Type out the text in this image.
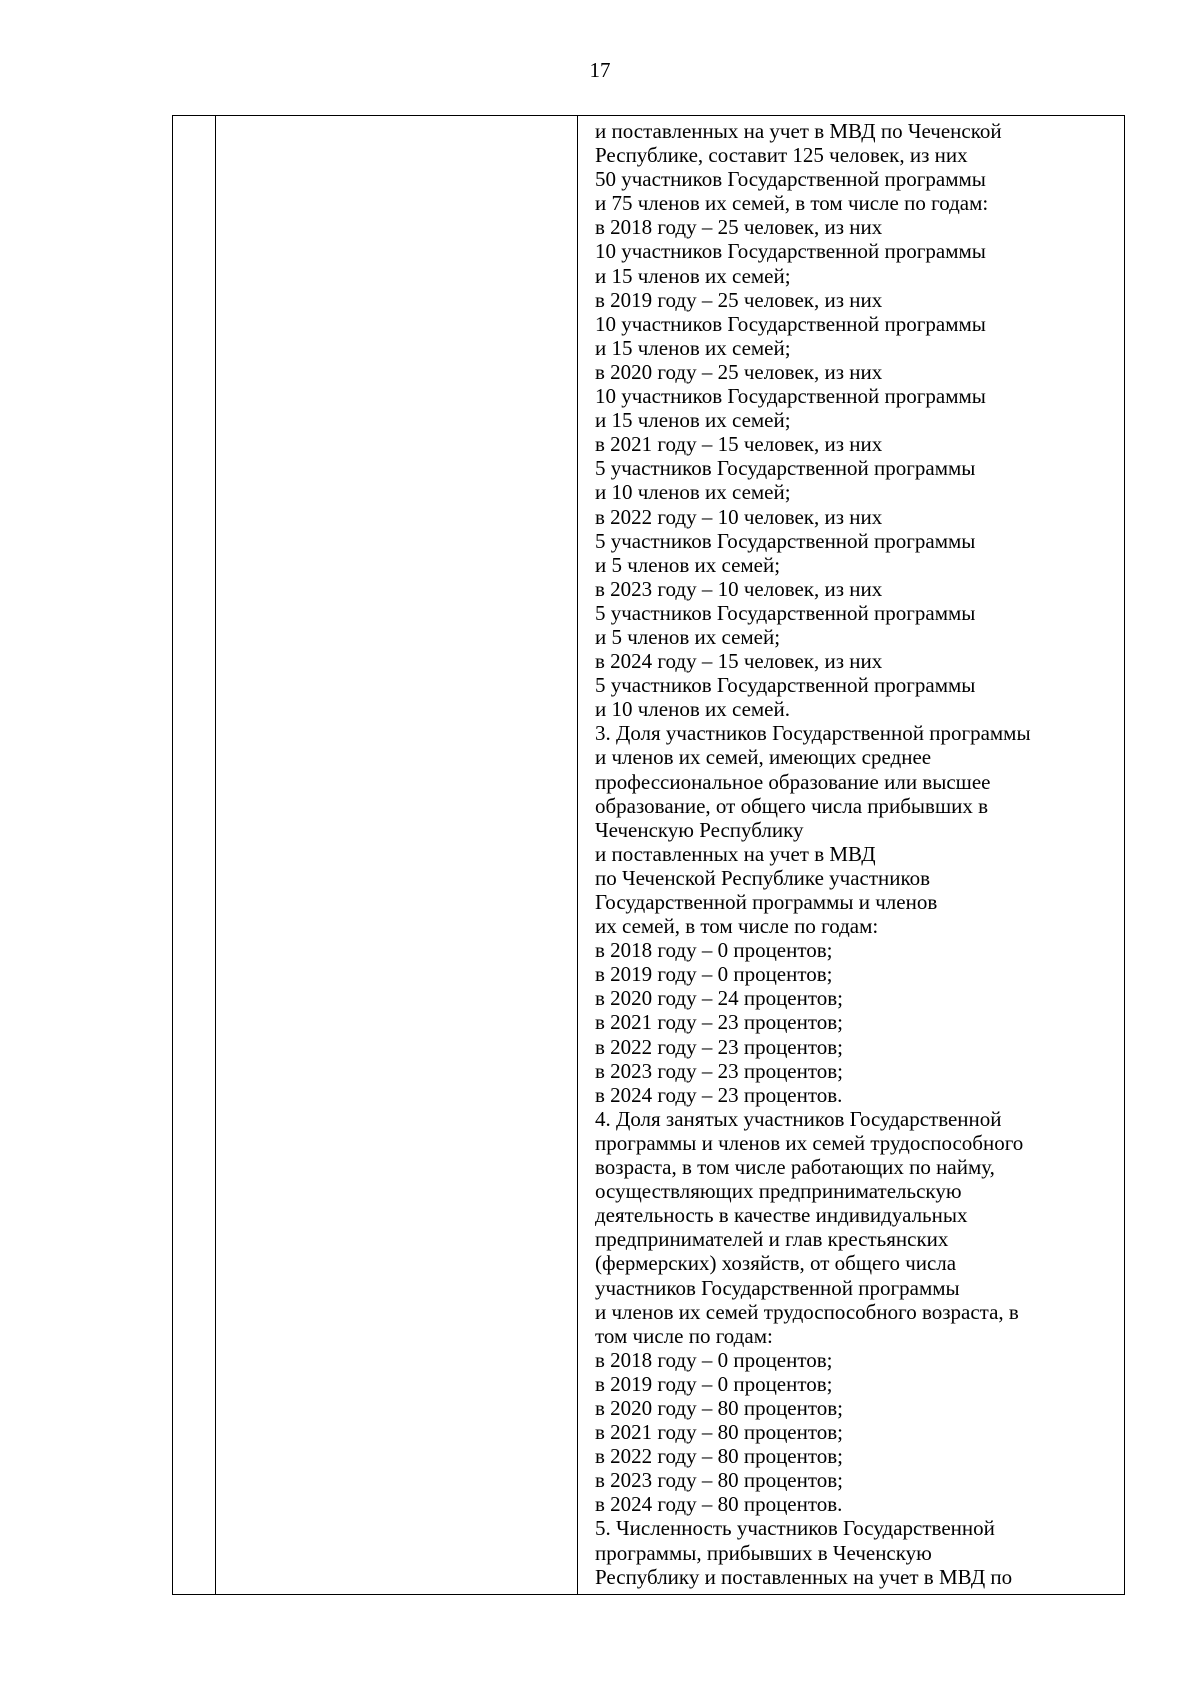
17

и поставленных на учет в МВД по Чеченской
Республике, составит 125 человек, из них
50 участников Государственной программы
и 75 членов их семей, в том числе по годам:
в 2018 году – 25 человек, из них
10 участников Государственной программы
и 15 членов их семей;
в 2019 году – 25 человек, из них
10 участников Государственной программы
и 15 членов их семей;
в 2020 году – 25 человек, из них
10 участников Государственной программы
и 15 членов их семей;
в 2021 году – 15 человек, из них
5 участников Государственной программы
и 10 членов их семей;
в 2022 году – 10 человек, из них
5 участников Государственной программы
и 5 членов их семей;
в 2023 году – 10 человек, из них
5 участников Государственной программы
и 5 членов их семей;
в 2024 году – 15 человек, из них
5 участников Государственной программы
и 10 членов их семей.
3. Доля участников Государственной программы
и членов их семей, имеющих среднее
профессиональное образование или высшее
образование, от общего числа прибывших в
Чеченскую Республику
и поставленных на учет в МВД
по Чеченской Республике участников
Государственной программы и членов
их семей, в том числе по годам:
в 2018 году – 0 процентов;
в 2019 году – 0 процентов;
в 2020 году – 24 процентов;
в 2021 году – 23 процентов;
в 2022 году – 23 процентов;
в 2023 году – 23 процентов;
в 2024 году – 23 процентов.
4. Доля занятых участников Государственной
программы и членов их семей трудоспособного
возраста, в том числе работающих по найму,
осуществляющих предпринимательскую
деятельность в качестве индивидуальных
предпринимателей и глав крестьянских
(фермерских) хозяйств, от общего числа
участников Государственной программы
и членов их семей трудоспособного возраста, в
том числе по годам:
в 2018 году – 0 процентов;
в 2019 году – 0 процентов;
в 2020 году – 80 процентов;
в 2021 году – 80 процентов;
в 2022 году – 80 процентов;
в 2023 году – 80 процентов;
в 2024 году – 80 процентов.
5. Численность участников Государственной
программы, прибывших в Чеченскую
Республику и поставленных на учет в МВД по
